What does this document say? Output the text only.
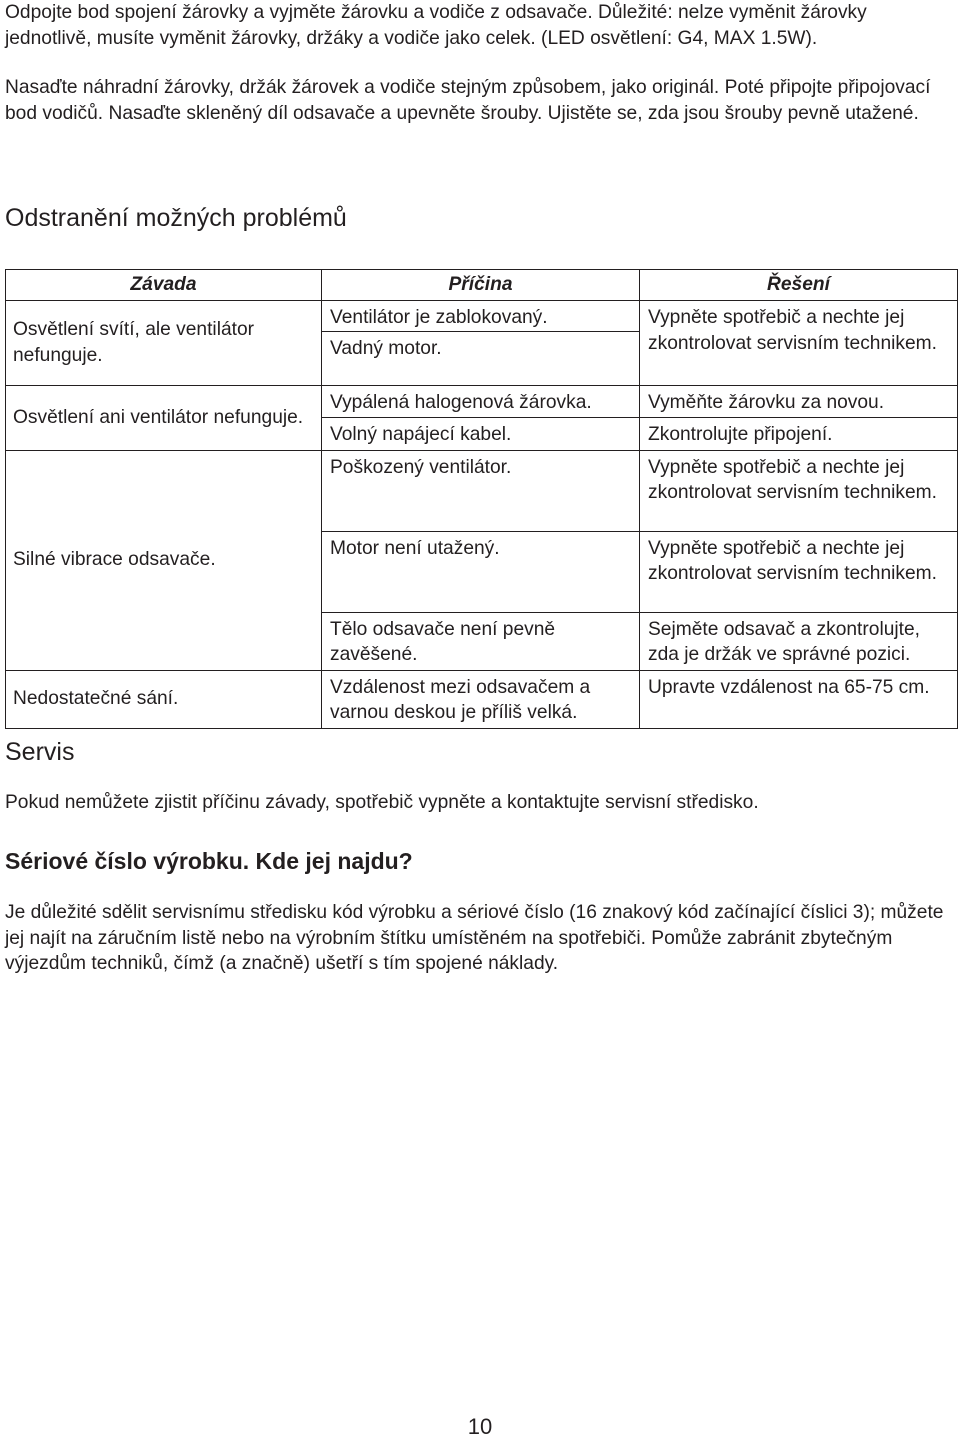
Odpojte bod spojení žárovky a vyjměte žárovku a vodiče z odsavače. Důležité: nelze vyměnit žárovky jednotlivě, musíte vyměnit žárovky, držáky a vodiče jako celek. (LED osvětlení: G4, MAX 1.5W).

Nasaďte náhradní žárovky, držák žárovek a vodiče stejným způsobem, jako originál. Poté připojte připojovací bod vodičů. Nasaďte skleněný díl odsavače a upevněte šrouby. Ujistěte se, zda jsou šrouby pevně utažené.

Odstranění možných problémů
Závada	Příčina	Řešení
Osvětlení svítí, ale ventilátor nefunguje.	Ventilátor je zablokovaný.	Vypněte spotřebič a nechte jej zkontrolovat servisním technikem.
	Vadný motor.	
Osvětlení ani ventilátor nefunguje.	Vypálená halogenová žárovka.	Vyměňte žárovku za novou.
	Volný napájecí kabel.	Zkontrolujte připojení.
Silné vibrace odsavače.	Poškozený ventilátor.	Vypněte spotřebič a nechte jej zkontrolovat servisním technikem.
	Motor není utažený.	Vypněte spotřebič a nechte jej zkontrolovat servisním technikem.
	Tělo odsavače není pevně zavěšené.	Sejměte odsavač a zkontrolujte, zda je držák ve správné pozici.
Nedostatečné sání.	Vzdálenost mezi odsavačem a varnou deskou je příliš velká.	Upravte vzdálenost na 65-75 cm.
Servis

Pokud nemůžete zjistit příčinu závady, spotřebič vypněte a kontaktujte servisní středisko.

Sériové číslo výrobku. Kde jej najdu?

Je důležité sdělit servisnímu středisku kód výrobku a sériové číslo (16 znakový kód začínající číslici 3); můžete jej najít na záručním listě nebo na výrobním štítku umístěném na spotřebiči. Pomůže zabránit zbytečným výjezdům techniků, čímž (a značně) ušetří s tím spojené náklady.

10
